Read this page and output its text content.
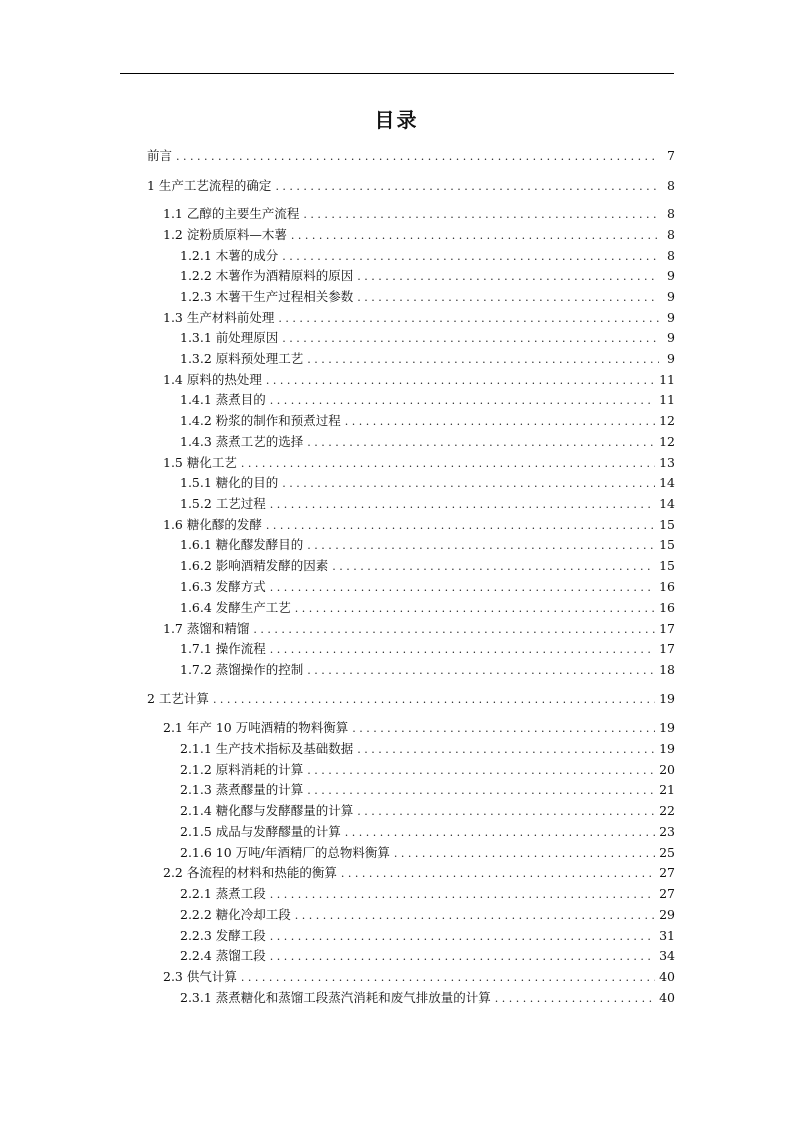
目录
前言 . . .	7
1 生产工艺流程的确定 . . .	8
1.1 乙醇的主要生产流程 . . .	8
1.2 淀粉质原料—木薯 . . .	8
1.2.1 木薯的成分 . . .	8
1.2.2 木薯作为酒精原料的原因 . . .	9
1.2.3 木薯干生产过程相关参数 . . .	9
1.3 生产材料前处理 . . .	9
1.3.1 前处理原因 . . .	9
1.3.2 原料预处理工艺 . . .	9
1.4 原料的热处理 . . .	11
1.4.1 蒸煮目的 . . .	11
1.4.2 粉浆的制作和预煮过程 . . .	12
1.4.3 蒸煮工艺的选择 . . .	12
1.5 糖化工艺 . . .	13
1.5.1 糖化的目的 . . .	14
1.5.2 工艺过程 . . .	14
1.6 糖化醪的发酵 . . .	15
1.6.1 糖化醪发酵目的 . . .	15
1.6.2 影响酒精发酵的因素 . . .	15
1.6.3 发酵方式 . . .	16
1.6.4 发酵生产工艺 . . .	16
1.7 蒸馏和精馏 . . .	17
1.7.1 操作流程 . . .	17
1.7.2 蒸馏操作的控制 . . .	18
2 工艺计算 . . .	19
2.1 年产 10 万吨酒精的物料衡算 . . .	19
2.1.1 生产技术指标及基础数据 . . .	19
2.1.2 原料消耗的计算 . . .	20
2.1.3 蒸煮醪量的计算 . . .	21
2.1.4 糖化醪与发酵醪量的计算 . . .	22
2.1.5 成品与发酵醪量的计算 . . .	23
2.1.6 10 万吨/年酒精厂的总物料衡算 . . .	25
2.2 各流程的材料和热能的衡算 . . .	27
2.2.1 蒸煮工段 . . .	27
2.2.2 糖化冷却工段 . . .	29
2.2.3 发酵工段 . . .	31
2.2.4 蒸馏工段 . . .	34
2.3 供气计算 . . .	40
2.3.1 蒸煮糖化和蒸馏工段蒸汽消耗和废气排放量的计算 . . .	40
